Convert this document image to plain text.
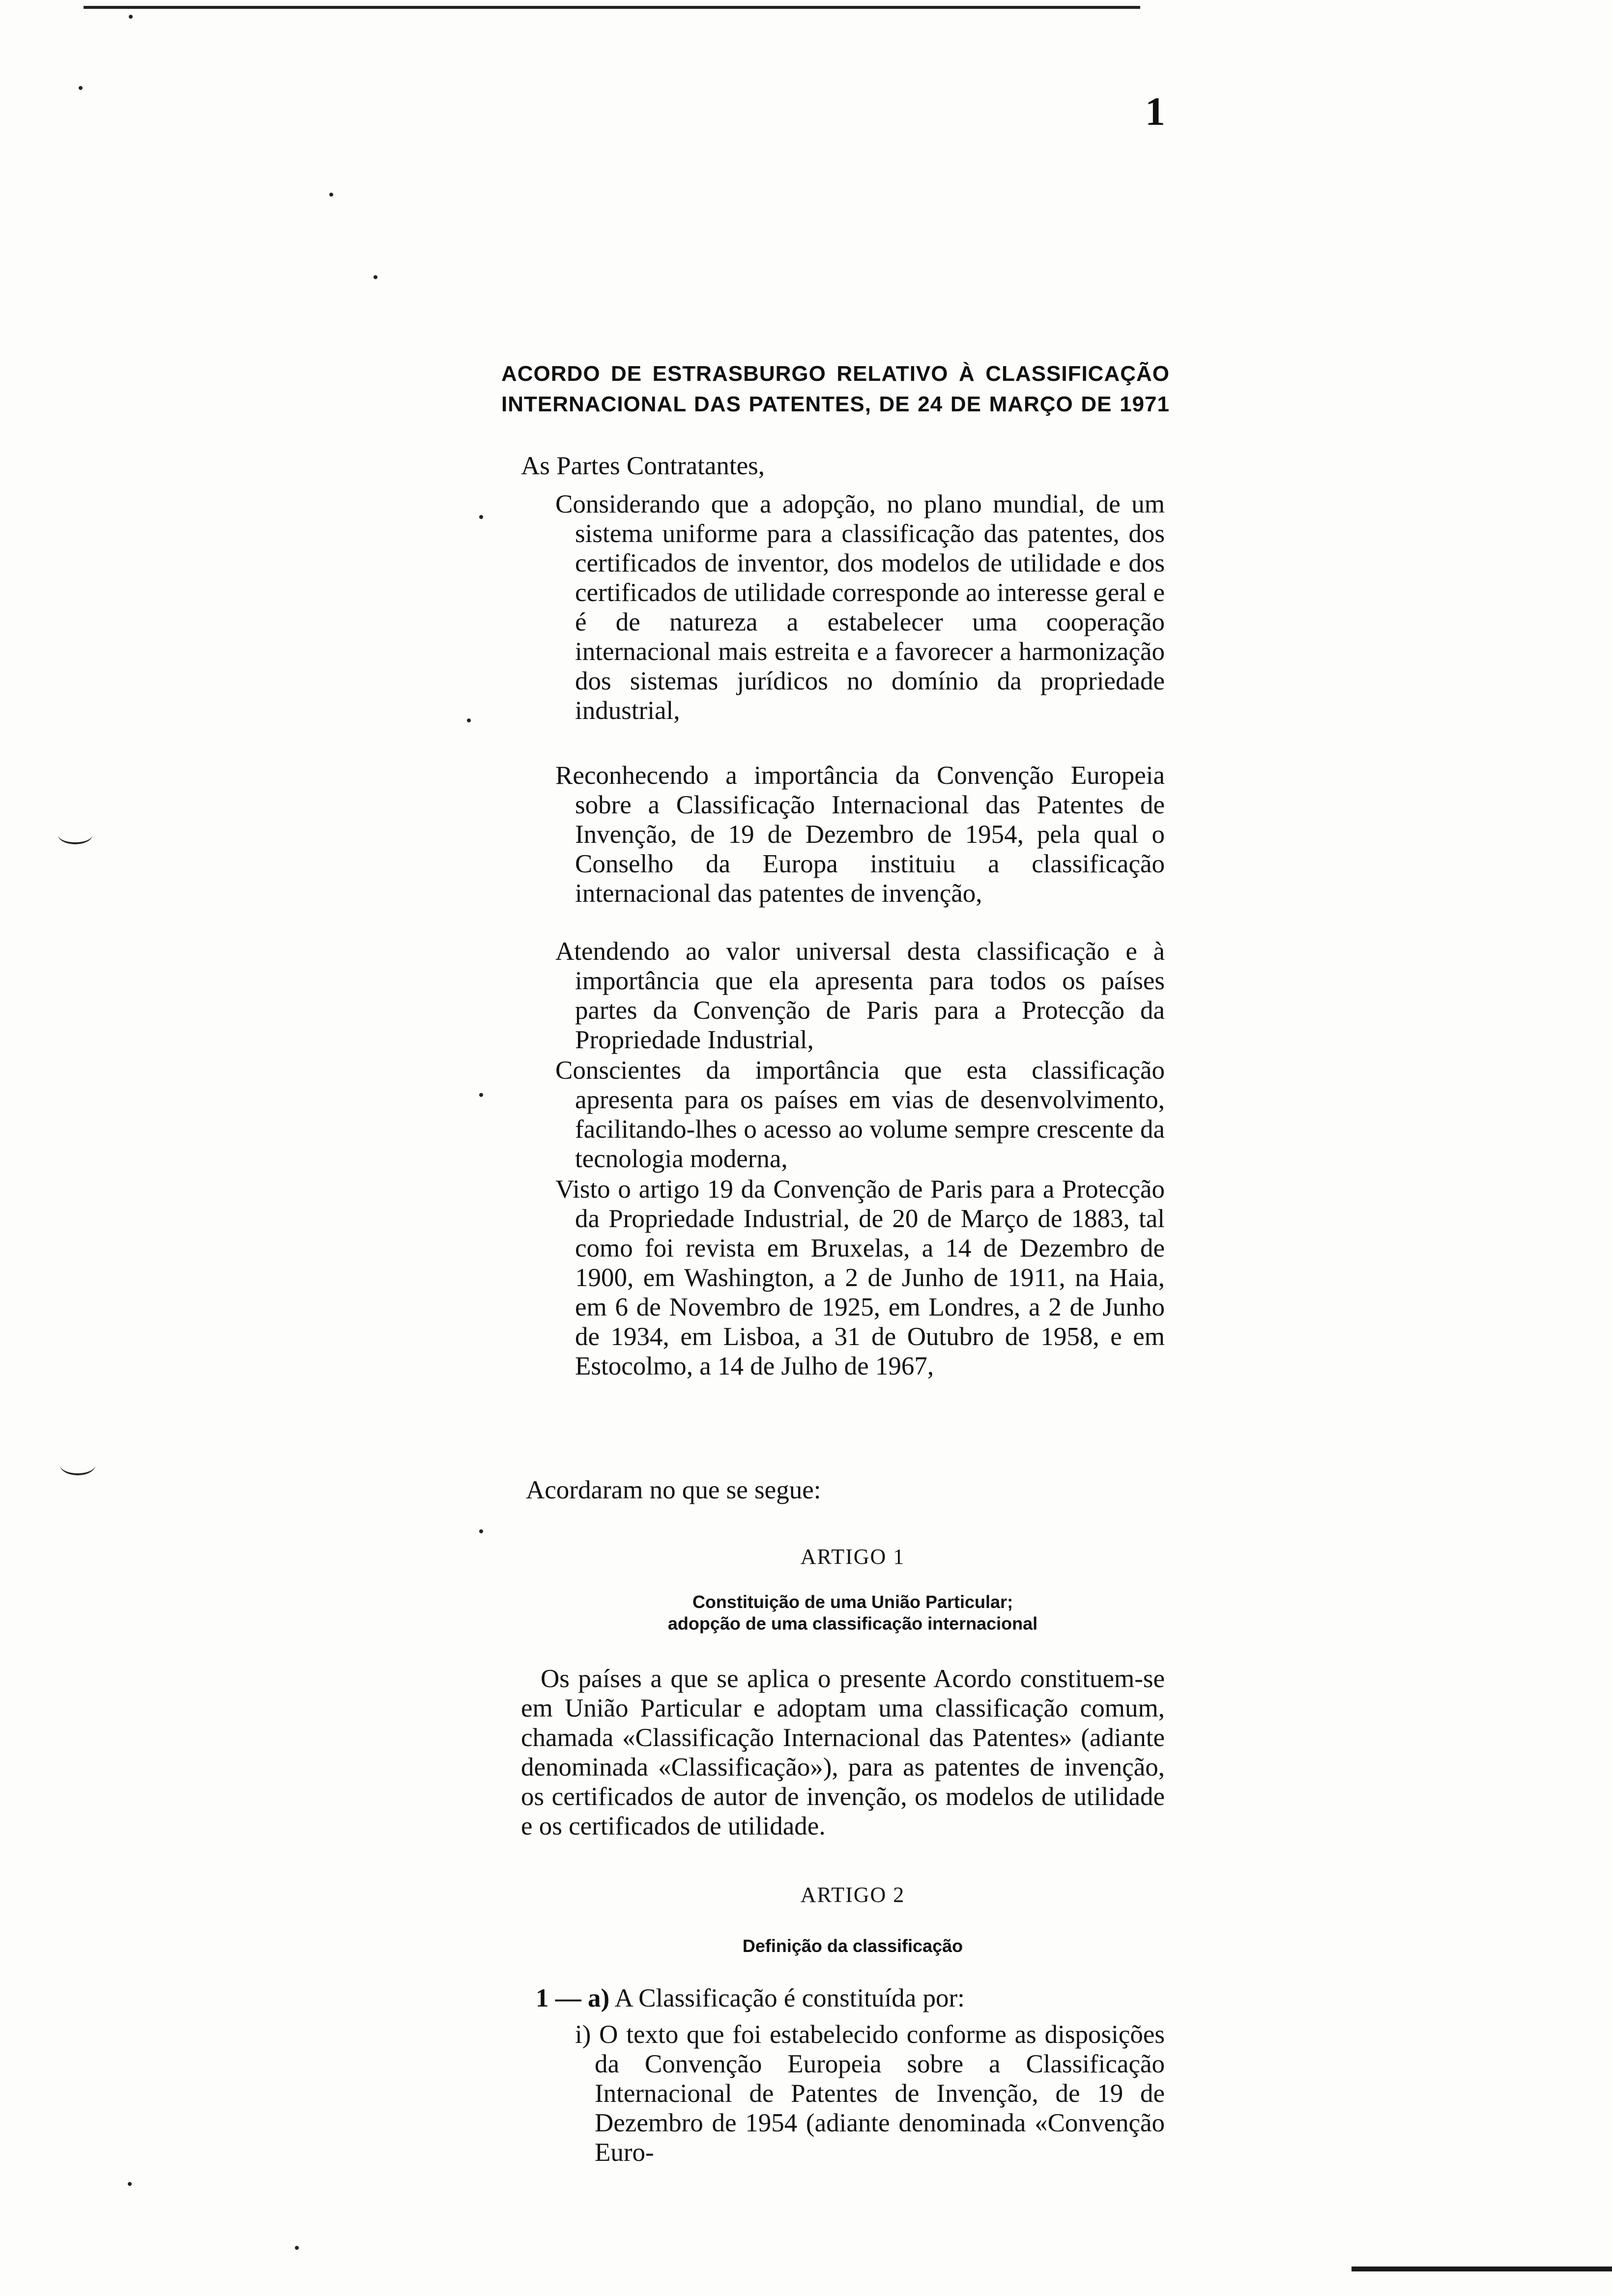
1
ACORDO DE ESTRASBURGO RELATIVO À CLASSIFICAÇÃO INTERNACIONAL DAS PATENTES, DE 24 DE MARÇO DE 1971
As Partes Contratantes,
Considerando que a adopção, no plano mundial, de um sistema uniforme para a classificação das patentes, dos certificados de inventor, dos modelos de utilidade e dos certificados de utilidade corresponde ao interesse geral e é de natureza a estabelecer uma cooperação internacional mais estreita e a favorecer a harmonização dos sistemas jurídicos no domínio da propriedade industrial,
Reconhecendo a importância da Convenção Europeia sobre a Classificação Internacional das Patentes de Invenção, de 19 de Dezembro de 1954, pela qual o Conselho da Europa instituiu a classificação internacional das patentes de invenção,
Atendendo ao valor universal desta classificação e à importância que ela apresenta para todos os países partes da Convenção de Paris para a Protecção da Propriedade Industrial,
Conscientes da importância que esta classificação apresenta para os países em vias de desenvolvimento, facilitando-lhes o acesso ao volume sempre crescente da tecnologia moderna,
Visto o artigo 19 da Convenção de Paris para a Protecção da Propriedade Industrial, de 20 de Março de 1883, tal como foi revista em Bruxelas, a 14 de Dezembro de 1900, em Washington, a 2 de Junho de 1911, na Haia, em 6 de Novembro de 1925, em Londres, a 2 de Junho de 1934, em Lisboa, a 31 de Outubro de 1958, e em Estocolmo, a 14 de Julho de 1967,
Acordaram no que se segue:
ARTIGO 1
Constituição de uma União Particular;
adopção de uma classificação internacional
Os países a que se aplica o presente Acordo constituem-se em União Particular e adoptam uma classificação comum, chamada «Classificação Internacional das Patentes» (adiante denominada «Classificação»), para as patentes de invenção, os certificados de autor de invenção, os modelos de utilidade e os certificados de utilidade.
ARTIGO 2
Definição da classificação
1 — a) A Classificação é constituída por:
i) O texto que foi estabelecido conforme as disposições da Convenção Europeia sobre a Classificação Internacional de Patentes de Invenção, de 19 de Dezembro de 1954 (adiante denominada «Convenção Euro-
